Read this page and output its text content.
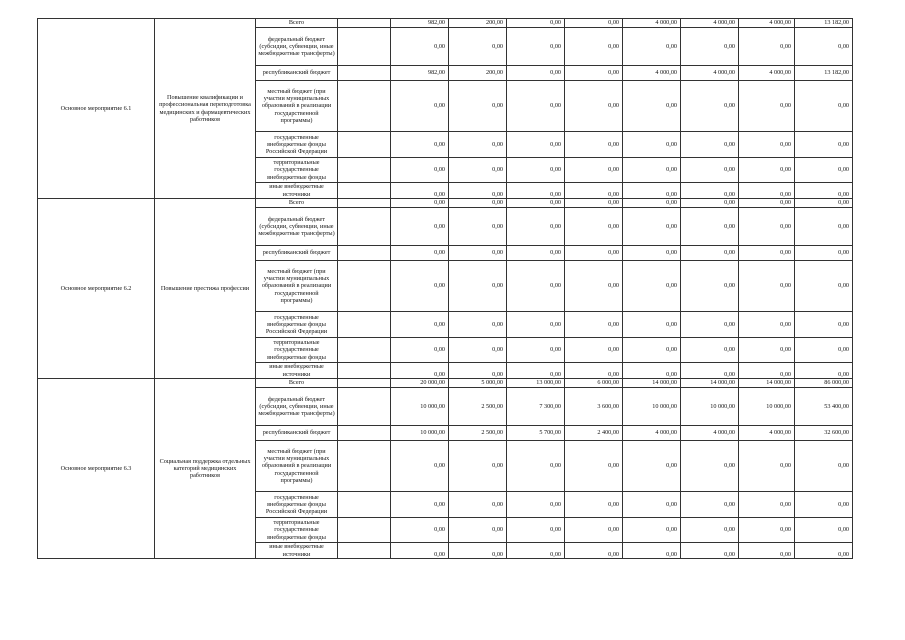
Основное мероприятие 6.1	Повышение квалификации и профессиональная переподготовка медицинских и фармацевтических работников	Всего		982,00	200,00	0,00	0,00	4 000,00	4 000,00	4 000,00	13 182,00
		федеральный бюджет (субсидии, субвенции, иные межбюджетные трансферты)		0,00	0,00	0,00	0,00	0,00	0,00	0,00	0,00
		республиканский бюджет		982,00	200,00	0,00	0,00	4 000,00	4 000,00	4 000,00	13 182,00
		местный бюджет (при участии муниципальных образований в реализации государственной программы)		0,00	0,00	0,00	0,00	0,00	0,00	0,00	0,00
		государственные внебюджетные фонды Российской Федерации		0,00	0,00	0,00	0,00	0,00	0,00	0,00	0,00
		территориальные государственные внебюджетные фонды		0,00	0,00	0,00	0,00	0,00	0,00	0,00	0,00
		иные внебюджетные источники		0,00	0,00	0,00	0,00	0,00	0,00	0,00	0,00
Основное мероприятие 6.2	Повышение престижа профессии	Всего		0,00	0,00	0,00	0,00	0,00	0,00	0,00	0,00
		федеральный бюджет (субсидии, субвенции, иные межбюджетные трансферты)		0,00	0,00	0,00	0,00	0,00	0,00	0,00	0,00
		республиканский бюджет		0,00	0,00	0,00	0,00	0,00	0,00	0,00	0,00
		местный бюджет (при участии муниципальных образований в реализации государственной программы)		0,00	0,00	0,00	0,00	0,00	0,00	0,00	0,00
		государственные внебюджетные фонды Российской Федерации		0,00	0,00	0,00	0,00	0,00	0,00	0,00	0,00
		территориальные государственные внебюджетные фонды		0,00	0,00	0,00	0,00	0,00	0,00	0,00	0,00
		иные внебюджетные источники		0,00	0,00	0,00	0,00	0,00	0,00	0,00	0,00
Основное мероприятие 6.3	Социальная поддержка отдельных категорий медицинских работников	Всего		20 000,00	5 000,00	13 000,00	6 000,00	14 000,00	14 000,00	14 000,00	86 000,00
		федеральный бюджет (субсидии, субвенции, иные межбюджетные трансферты)		10 000,00	2 500,00	7 300,00	3 600,00	10 000,00	10 000,00	10 000,00	53 400,00
		республиканский бюджет		10 000,00	2 500,00	5 700,00	2 400,00	4 000,00	4 000,00	4 000,00	32 600,00
		местный бюджет (при участии муниципальных образований в реализации государственной программы)		0,00	0,00	0,00	0,00	0,00	0,00	0,00	0,00
		государственные внебюджетные фонды Российской Федерации		0,00	0,00	0,00	0,00	0,00	0,00	0,00	0,00
		территориальные государственные внебюджетные фонды		0,00	0,00	0,00	0,00	0,00	0,00	0,00	0,00
		иные внебюджетные источники		0,00	0,00	0,00	0,00	0,00	0,00	0,00	0,00
